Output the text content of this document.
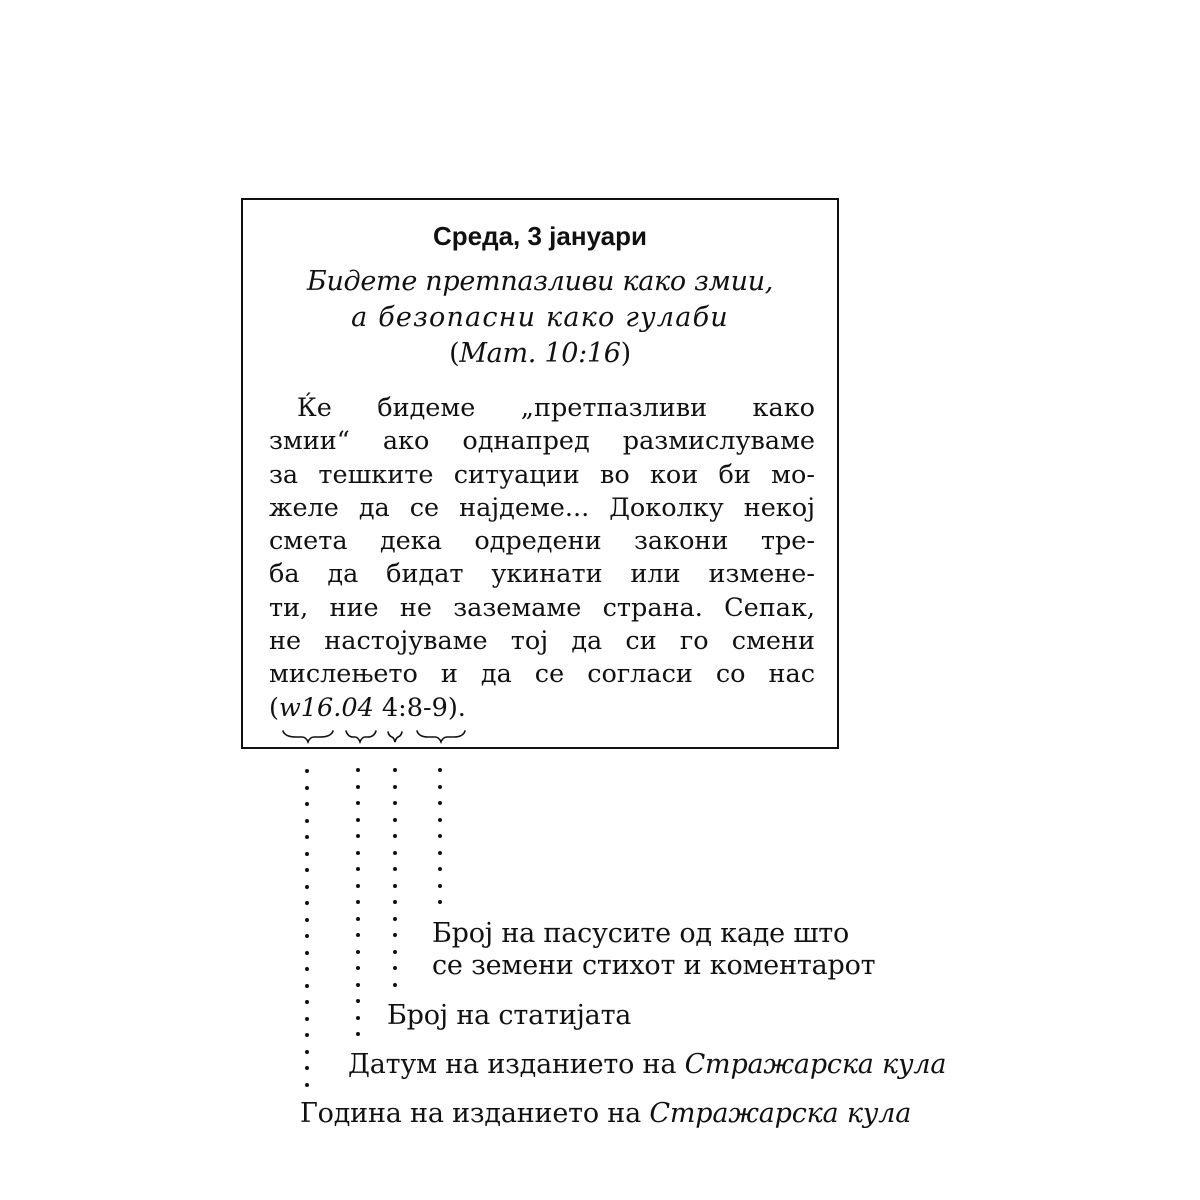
Среда, 3 јануари
Бидете претпазливи како змии,
а безопасни како гулаби
(Мат. 10:16)
Ќе бидеме „претпазливи како
змии“ ако однапред размислуваме
за тешките ситуации во кои би мо-
желе да се најдеме... Доколку некој
смета дека одредени закони тре-
ба да бидат укинати или измене-
ти, ние не заземаме страна. Сепак,
не настојуваме тој да си го смени
мислењето и да се согласи со нас
(w16.04 4:8-9).
Број на пасусите од каде што
се земени стихот и коментарот
Број на статијата
Датум на изданието на Стражарска кула
Година на изданието на Стражарска кула
